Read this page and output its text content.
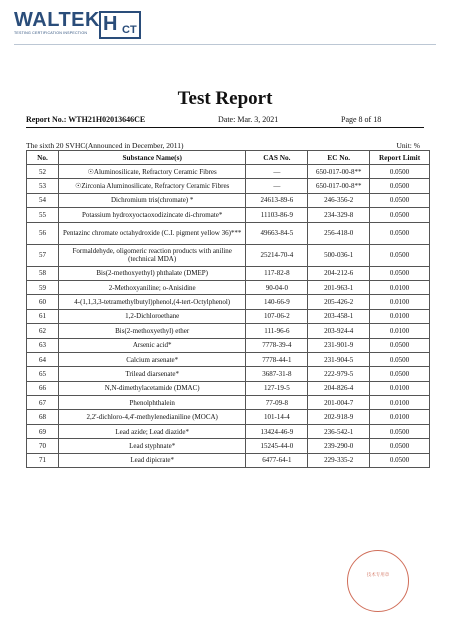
WALTEK
TESTING CERTIFICATION INSPECTION H CT
Test Report
Report No.: WTH21H02013646CE	Date: Mar. 3, 2021	Page 8 of 18
The sixth 20 SVHC(Announced in December, 2011)	Unit: %
No.	Substance Name(s)	CAS No.	EC No.	Report Limit
52	☉Aluminosilicate, Refractory Ceramic Fibres	—	650-017-00-8**	0.0500
53	☉Zirconia Aluminosilicate, Refractory Ceramic Fibres	—	650-017-00-8**	0.0500
54	Dichromium tris(chromate) *	24613-89-6	246-356-2	0.0500
55	Potassium hydroxyoctaoxodizincate di-chromate*	11103-86-9	234-329-8	0.0500
56	Pentazinc chromate octahydroxide (C.I. pigment yellow 36)***	49663-84-5	256-418-0	0.0500
57	Formaldehyde, oligomeric reaction products with aniline (technical MDA)	25214-70-4	500-036-1	0.0500
58	Bis(2-methoxyethyl) phthalate (DMEP)	117-82-8	204-212-6	0.0500
59	2-Methoxyaniline; o-Anisidine	90-04-0	201-963-1	0.0100
60	4-(1,1,3,3-tetramethylbutyl)phenol,(4-tert-Octylphenol)	140-66-9	205-426-2	0.0100
61	1,2-Dichloroethane	107-06-2	203-458-1	0.0100
62	Bis(2-methoxyethyl) ether	111-96-6	203-924-4	0.0100
63	Arsenic acid*	7778-39-4	231-901-9	0.0500
64	Calcium arsenate*	7778-44-1	231-904-5	0.0500
65	Trilead diarsenate*	3687-31-8	222-979-5	0.0500
66	N,N-dimethylacetamide (DMAC)	127-19-5	204-826-4	0.0100
67	Phenolphthalein	77-09-8	201-004-7	0.0100
68	2,2'-dichloro-4,4'-methylenedianiline (MOCA)	101-14-4	202-918-9	0.0100
69	Lead azide; Lead diazide*	13424-46-9	236-542-1	0.0500
70	Lead styphnate*	15245-44-0	239-290-0	0.0500
71	Lead dipicrate*	6477-64-1	229-335-2	0.0500
技术专用章
